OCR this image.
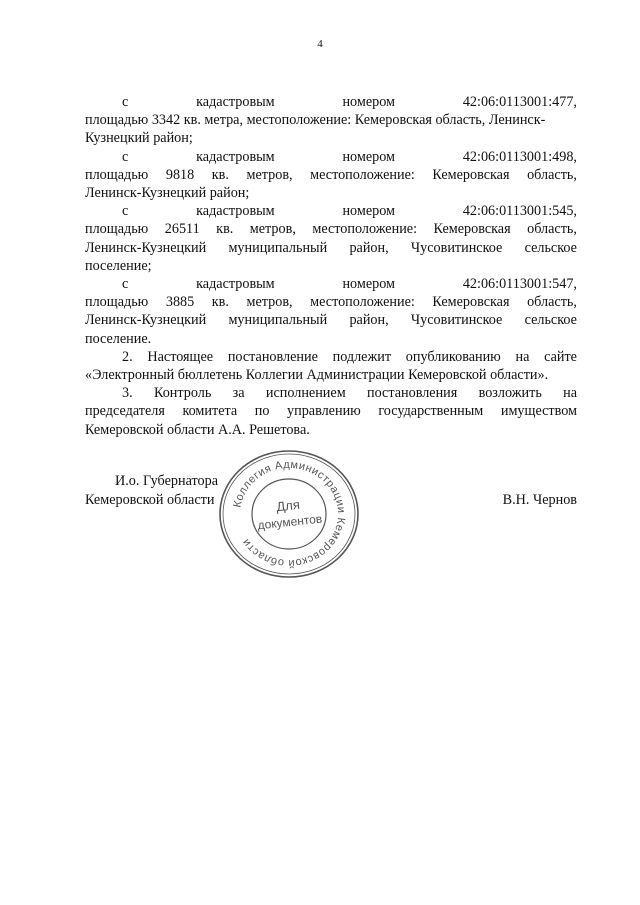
4
с	кадастровым	номером	42:06:0113001:477,
площадью 3342 кв. метра, местоположение: Кемеровская область, Ленинск-
Кузнецкий район;
с	кадастровым	номером	42:06:0113001:498,
площадью 9818 кв. метров, местоположение: Кемеровская область,
Ленинск-Кузнецкий район;
с	кадастровым	номером	42:06:0113001:545,
площадью 26511 кв. метров, местоположение: Кемеровская область,
Ленинск-Кузнецкий муниципальный район, Чусовитинское сельское
поселение;
с	кадастровым	номером	42:06:0113001:547,
площадью 3885 кв. метров, местоположение: Кемеровская область,
Ленинск-Кузнецкий муниципальный район, Чусовитинское сельское
поселение.
2. Настоящее постановление подлежит опубликованию на сайте
«Электронный бюллетень Коллегии Администрации Кемеровской области».
3. Контроль за исполнением постановления возложить на
председателя комитета по управлению государственным имуществом
Кемеровской области А.А. Решетова.
И.о. Губернатора
Кемеровской области	В.Н. Чернов
Коллегия Администрации Кемеровской области
Для
документов
